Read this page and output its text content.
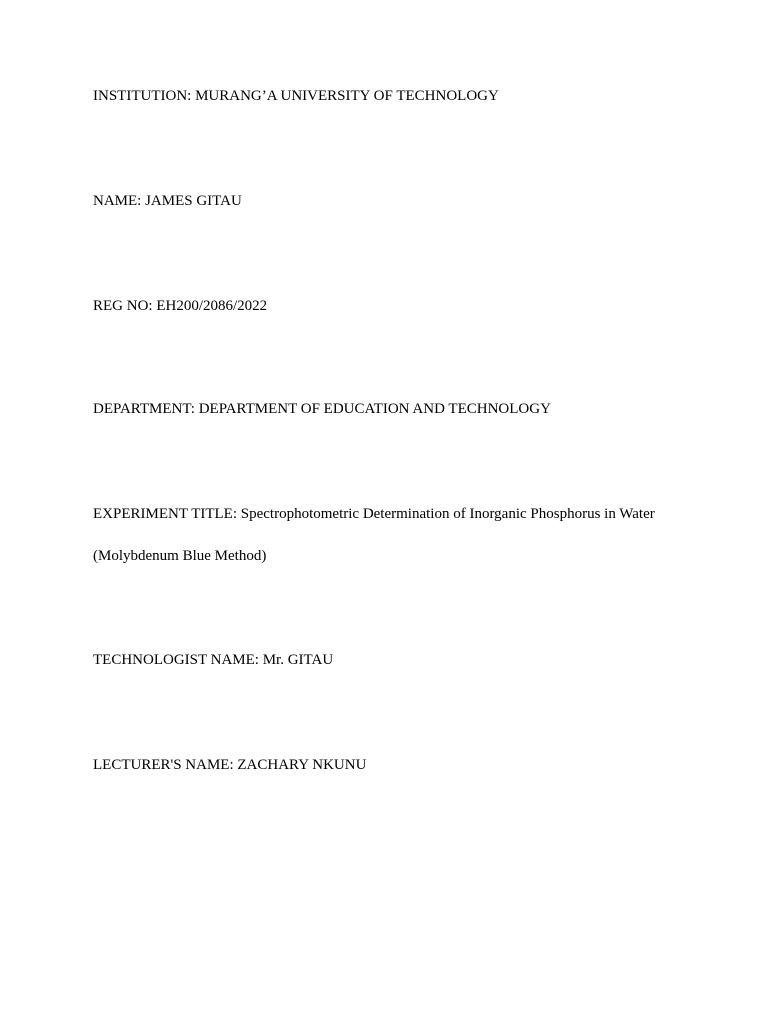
INSTITUTION: MURANG’A UNIVERSITY OF TECHNOLOGY
NAME: JAMES GITAU
REG NO: EH200/2086/2022
DEPARTMENT: DEPARTMENT OF EDUCATION AND TECHNOLOGY
EXPERIMENT TITLE: Spectrophotometric Determination of Inorganic Phosphorus in Water
(Molybdenum Blue Method)
TECHNOLOGIST NAME: Mr. GITAU
LECTURER'S NAME: ZACHARY NKUNU
